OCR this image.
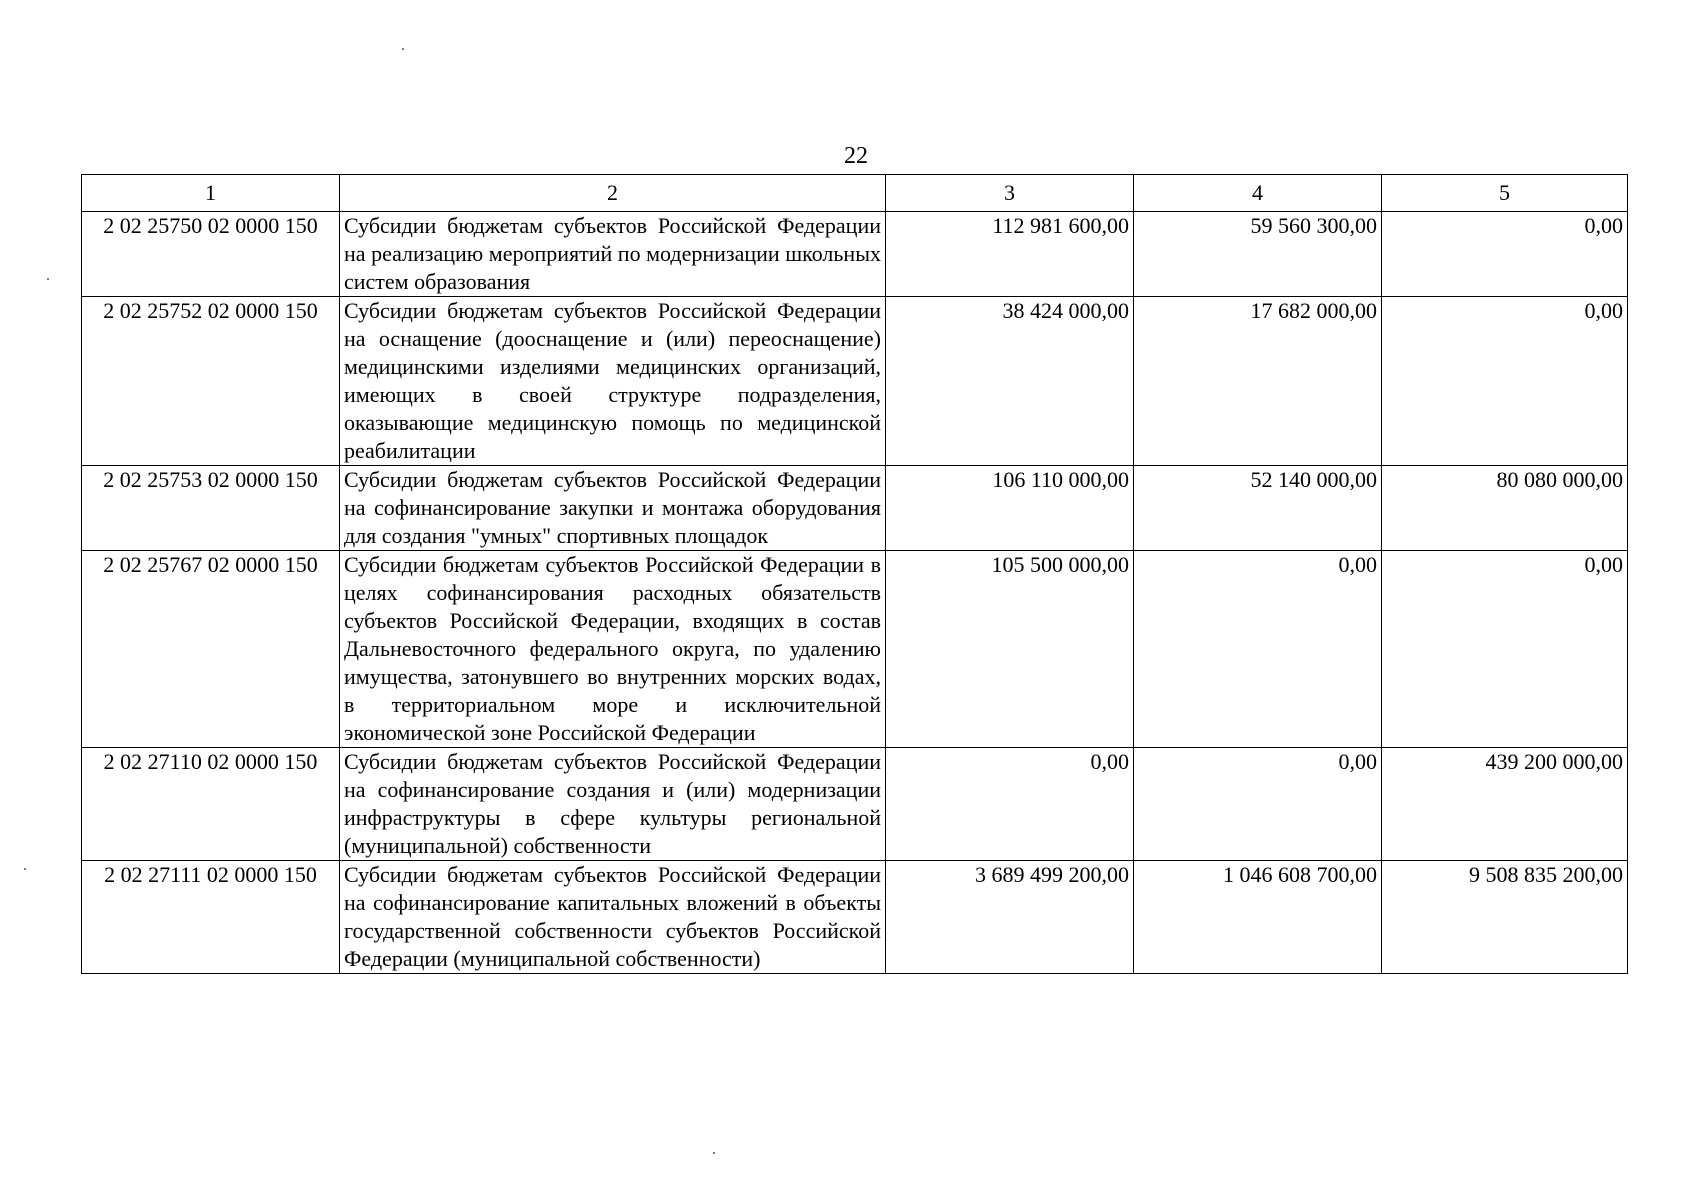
22
1	2	3	4	5
2 02 25750 02 0000 150	Субсидии бюджетам субъектов Российской Федерации на реализацию мероприятий по модернизации школьных систем образования	112 981 600,00	59 560 300,00	0,00
2 02 25752 02 0000 150	Субсидии бюджетам субъектов Российской Федерации на оснащение (дооснащение и (или) переоснащение) медицинскими изделиями медицинских организаций, имеющих в своей структуре подразделения, оказывающие медицинскую помощь по медицинской реабилитации	38 424 000,00	17 682 000,00	0,00
2 02 25753 02 0000 150	Субсидии бюджетам субъектов Российской Федерации на софинансирование закупки и монтажа оборудования для создания "умных" спортивных площадок	106 110 000,00	52 140 000,00	80 080 000,00
2 02 25767 02 0000 150	Субсидии бюджетам субъектов Российской Федерации в целях софинансирования расходных обязательств субъектов Российской Федерации, входящих в состав Дальневосточного федерального округа, по удалению имущества, затонувшего во внутренних морских водах, в территориальном море и исключительной экономической зоне Российской Федерации	105 500 000,00	0,00	0,00
2 02 27110 02 0000 150	Субсидии бюджетам субъектов Российской Федерации на софинансирование создания и (или) модернизации инфраструктуры в сфере культуры региональной (муниципальной) собственности	0,00	0,00	439 200 000,00
2 02 27111 02 0000 150	Субсидии бюджетам субъектов Российской Федерации на софинансирование капитальных вложений в объекты государственной собственности субъектов Российской Федерации (муниципальной собственности)	3 689 499 200,00	1 046 608 700,00	9 508 835 200,00
